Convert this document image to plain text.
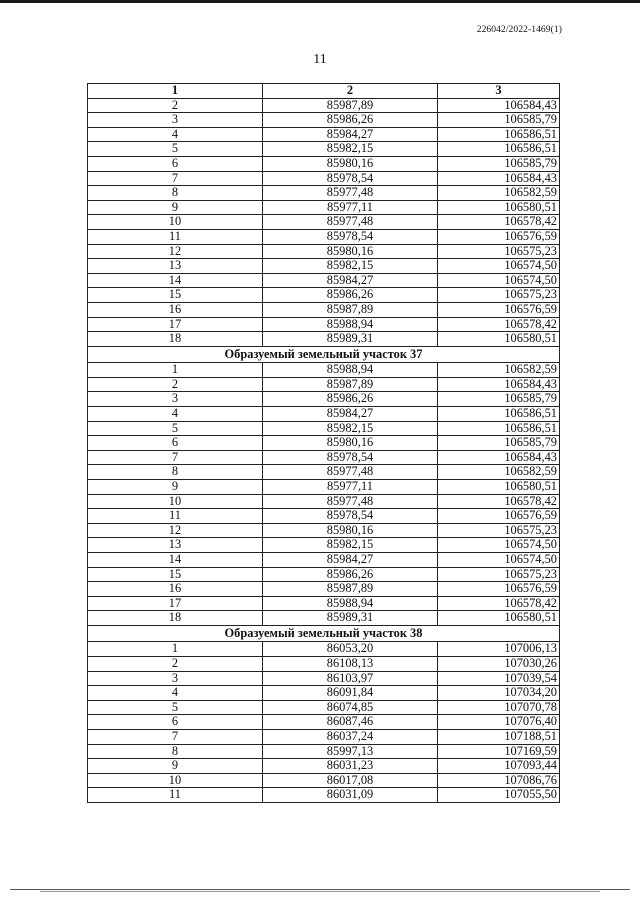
226042/2022-1469(1)
11
1	2	3
2	85987,89	106584,43
3	85986,26	106585,79
4	85984,27	106586,51
5	85982,15	106586,51
6	85980,16	106585,79
7	85978,54	106584,43
8	85977,48	106582,59
9	85977,11	106580,51
10	85977,48	106578,42
11	85978,54	106576,59
12	85980,16	106575,23
13	85982,15	106574,50
14	85984,27	106574,50
15	85986,26	106575,23
16	85987,89	106576,59
17	85988,94	106578,42
18	85989,31	106580,51
Образуемый земельный участок 37		
1	85988,94	106582,59
2	85987,89	106584,43
3	85986,26	106585,79
4	85984,27	106586,51
5	85982,15	106586,51
6	85980,16	106585,79
7	85978,54	106584,43
8	85977,48	106582,59
9	85977,11	106580,51
10	85977,48	106578,42
11	85978,54	106576,59
12	85980,16	106575,23
13	85982,15	106574,50
14	85984,27	106574,50
15	85986,26	106575,23
16	85987,89	106576,59
17	85988,94	106578,42
18	85989,31	106580,51
Образуемый земельный участок 38		
1	86053,20	107006,13
2	86108,13	107030,26
3	86103,97	107039,54
4	86091,84	107034,20
5	86074,85	107070,78
6	86087,46	107076,40
7	86037,24	107188,51
8	85997,13	107169,59
9	86031,23	107093,44
10	86017,08	107086,76
11	86031,09	107055,50
